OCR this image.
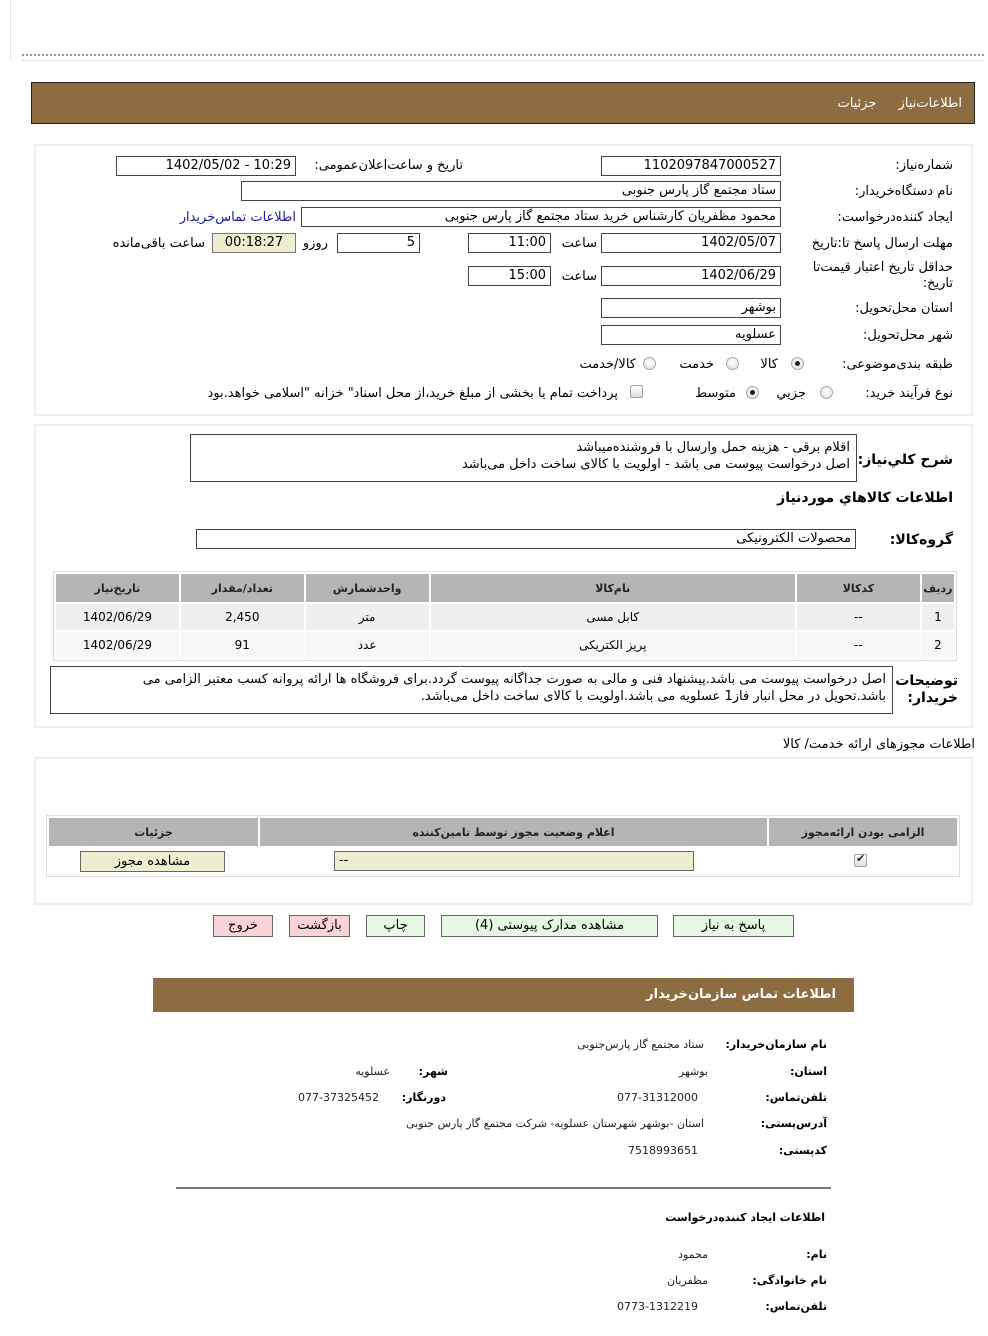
اطلاعات‌نیاز جزئیات
شماره‌نیاز:
1102097847000527
تاریخ و ساعت‌اعلان‌عمومی:
1402/05/02 - 10:29
نام دستگاه‌خریدار:
ستاد مجتمع گاز پارس جنوبی
ایجاد کننده‌درخواست:
محمود مظفریان کارشناس خرید ستاد مجتمع گاز پارس جنوبی
اطلاعات تماس‌خریدار
مهلت ارسال پاسخ تا:تاریخ
1402/05/07
ساعت
11:00
5
روزو
00:18:27
ساعت باقی‌مانده
حداقل تاریخ اعتبار قیمت‌تا تاریخ:
1402/06/29
ساعت
15:00
استان محل‌تحویل:
بوشهر
شهر محل‌تحویل:
عسلویه
طبقه بندی‌موضوعی:
کالا
خدمت
کالا/خدمت
نوع فرآیند خرید:
جزيي
متوسط
پرداخت تمام یا بخشی از مبلغ خرید،از محل اسناد" خزانه "اسلامی خواهد.بود
شرح کلي‌نیاز:
اقلام برقی - هزینه حمل وارسال با فروشنده‌میباشد
اصل درخواست پیوست می باشد - اولویت با کالای ساخت داخل می‌باشد
اطلاعات کالاهاي موردنیاز
گروه‌کالا:
محصولات الکترونیکی
ردیف	کدکالا	نام‌کالا	واحدشمارش	تعداد/مقدار	تاریخ‌نیاز
1	--	کابل مسی	متر	2,450	1402/06/29
2	--	پریز الکتریکی	عدد	91	1402/06/29
توضیحات
خریدار:
اصل درخواست پیوست می باشد.پیشنهاد فنی و مالی به صورت جداگانه پیوست گردد.برای فروشگاه ها ارائه پروانه کسب معتبر الزامی می
باشد.تحویل در محل انبار فاز1 عسلویه می باشد.اولویت با کالای ساخت داخل می‌باشد.
اطلاعات مجوزهای ارائه خدمت/ کالا
الزامی بودن ارائه‌مجوز	اعلام وضعیت مجوز توسط تامین‌کننده	جزئیات

✔	--	مشاهده مجوز
پاسخ به نیاز
مشاهده مدارک پیوستی (4)
چاپ
بازگشت
خروج
اطلاعات تماس سازمان‌خریدار
نام سازمان‌خریدار:
ستاد مجتمع گاز پارس‌جنوبی
استان:
بوشهر
شهر:
عسلویه
تلفن‌تماس:
077-31312000
دورنگار:
077-37325452
آدرس‌پستی:
استان -بوشهر شهرستان عسلویه- شرکت مجتمع گاز پارس جنوبی
کدپستی:
7518993651
اطلاعات ایجاد کننده‌درخواست
نام:
محمود
نام خانوادگی:
مظفریان
تلفن‌تماس:
0773-1312219
